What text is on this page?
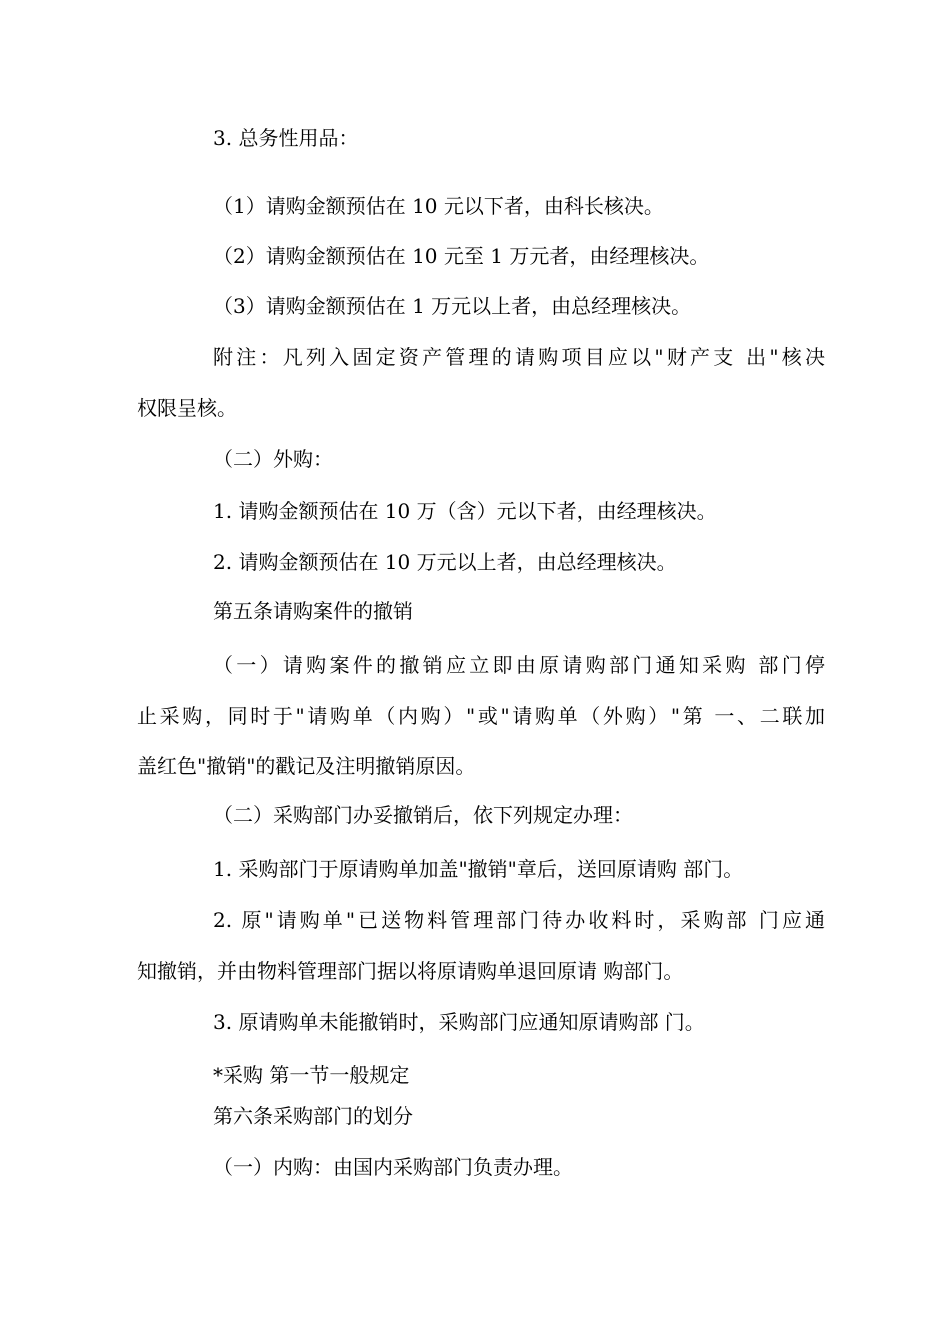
3. 总务性用品：
（1）请购金额预估在 10 元以下者，由科长核决。
（2）请购金额预估在 10 元至 1 万元者，由经理核决。
（3）请购金额预估在 1 万元以上者，由总经理核决。
附注：凡列入固定资产管理的请购项目应以"财产支 出"核决
权限呈核。
（二）外购：
1. 请购金额预估在 10 万（含）元以下者，由经理核决。
2. 请购金额预估在 10 万元以上者，由总经理核决。
第五条请购案件的撤销
（一）请购案件的撤销应立即由原请购部门通知采购 部门停
止采购，同时于"请购单（内购）"或"请购单（外购）"第 一、二联加
盖红色"撤销"的戳记及注明撤销原因。
（二）采购部门办妥撤销后，依下列规定办理：
1. 采购部门于原请购单加盖"撤销"章后，送回原请购 部门。
2. 原"请购单"已送物料管理部门待办收料时，采购部 门应通
知撤销，并由物料管理部门据以将原请购单退回原请 购部门。
3. 原请购单未能撤销时，采购部门应通知原请购部 门。
*采购 第一节一般规定
第六条采购部门的划分
（一）内购：由国内采购部门负责办理。
